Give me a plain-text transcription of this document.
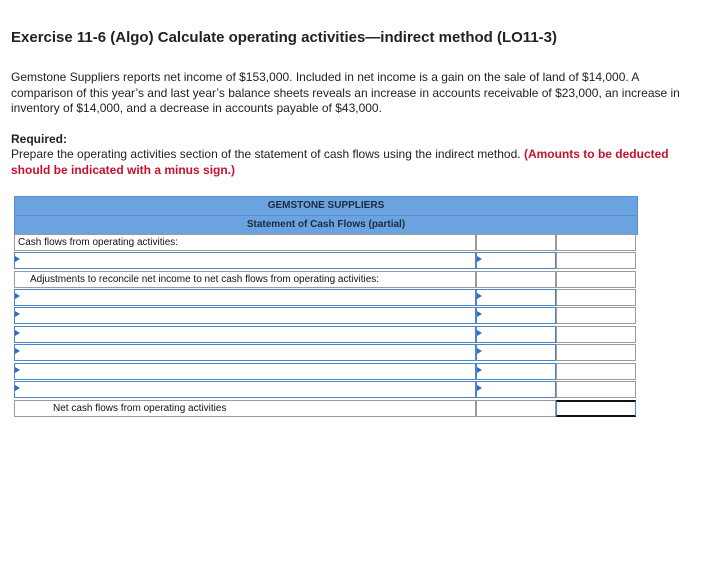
Exercise 11-6 (Algo) Calculate operating activities—indirect method (LO11-3)
Gemstone Suppliers reports net income of $153,000. Included in net income is a gain on the sale of land of $14,000. A comparison of this year’s and last year’s balance sheets reveals an increase in accounts receivable of $23,000, an increase in inventory of $14,000, and a decrease in accounts payable of $43,000.
Required:
Prepare the operating activities section of the statement of cash flows using the indirect method. (Amounts to be deducted should be indicated with a minus sign.)
GEMSTONE SUPPLIERS
Statement of Cash Flows (partial)
Cash flows from operating activities:
Adjustments to reconcile net income to net cash flows from operating activities:
Net cash flows from operating activities
